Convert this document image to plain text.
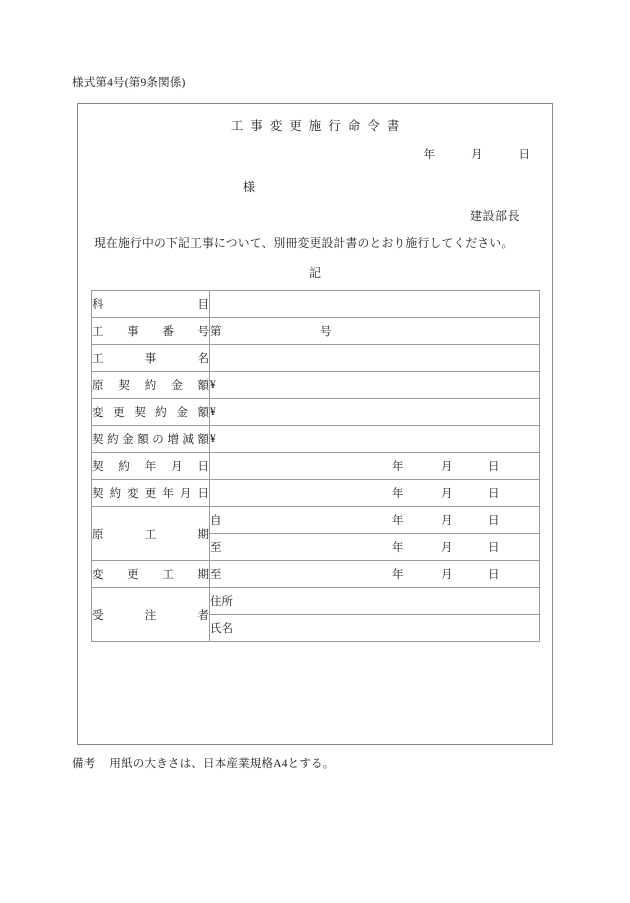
様式第4号(第9条関係)
工事変更施行命令書
年	月	日
様
建設部長
現在施行中の下記工事について、別冊変更設計書のとおり施行してください。
記
科目	

工事番号	第 号

工事名	

原契約金額	¥

変更契約金額	¥

契約金額の増減額	¥

契約年月日	年 月 日

契約変更年月日	年 月 日

原工期	自 年 月 日

	至 年 月 日

変更工期	至 年 月 日

受注者	住所
	氏名
備考 用紙の大きさは、日本産業規格A4とする。
